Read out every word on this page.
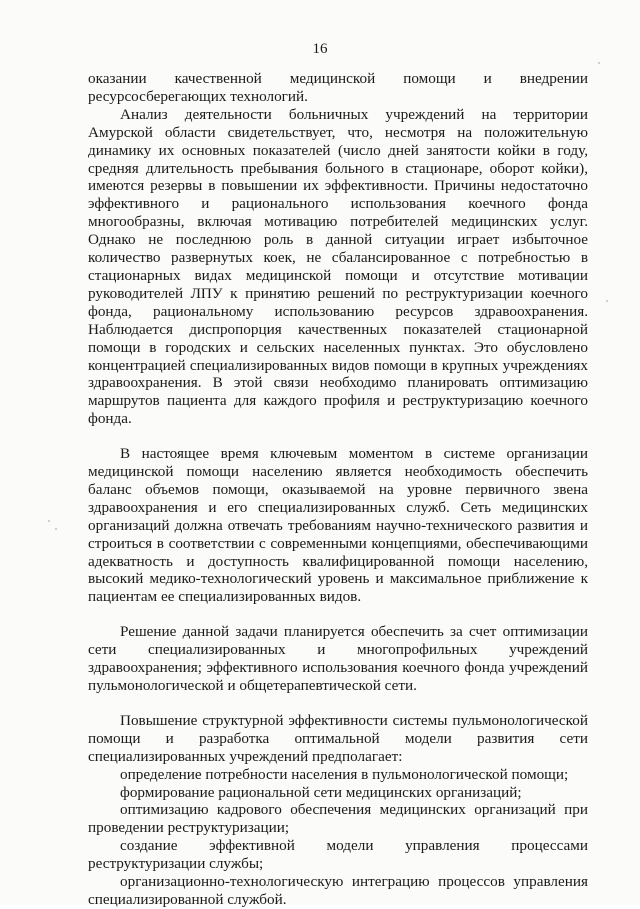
16

оказании качественной медицинской помощи и внедрении ресурсосберегающих технологий.

Анализ деятельности больничных учреждений на территории Амурской области свидетельствует, что, несмотря на положительную динамику их основных показателей (число дней занятости койки в году, средняя длительность пребывания больного в стационаре, оборот койки), имеются резервы в повышении их эффективности. Причины недостаточно эффективного и рационального использования коечного фонда многообразны, включая мотивацию потребителей медицинских услуг. Однако не последнюю роль в данной ситуации играет избыточное количество развернутых коек, не сбалансированное с потребностью в стационарных видах медицинской помощи и отсутствие мотивации руководителей ЛПУ к принятию решений по реструктуризации коечного фонда, рациональному использованию ресурсов здравоохранения. Наблюдается диспропорция качественных показателей стационарной помощи в городских и сельских населенных пунктах. Это обусловлено концентрацией специализированных видов помощи в крупных учреждениях здравоохранения. В этой связи необходимо планировать оптимизацию маршрутов пациента для каждого профиля и реструктуризацию коечного фонда.

В настоящее время ключевым моментом в системе организации медицинской помощи населению является необходимость обеспечить баланс объемов помощи, оказываемой на уровне первичного звена здравоохранения и его специализированных служб. Сеть медицинских организаций должна отвечать требованиям научно-технического развития и строиться в соответствии с современными концепциями, обеспечивающими адекватность и доступность квалифицированной помощи населению, высокий медико-технологический уровень и максимальное приближение к пациентам ее специализированных видов.

Решение данной задачи планируется обеспечить за счет оптимизации сети специализированных и многопрофильных учреждений здравоохранения; эффективного использования коечного фонда учреждений пульмонологической и общетерапевтической сети.

Повышение структурной эффективности системы пульмонологической помощи и разработка оптимальной модели развития сети специализированных учреждений предполагает:

определение потребности населения в пульмонологической помощи;

формирование рациональной сети медицинских организаций;

оптимизацию кадрового обеспечения медицинских организаций при проведении реструктуризации;

создание эффективной модели управления процессами реструктуризации службы;

организационно-технологическую интеграцию процессов управления специализированной службой.
